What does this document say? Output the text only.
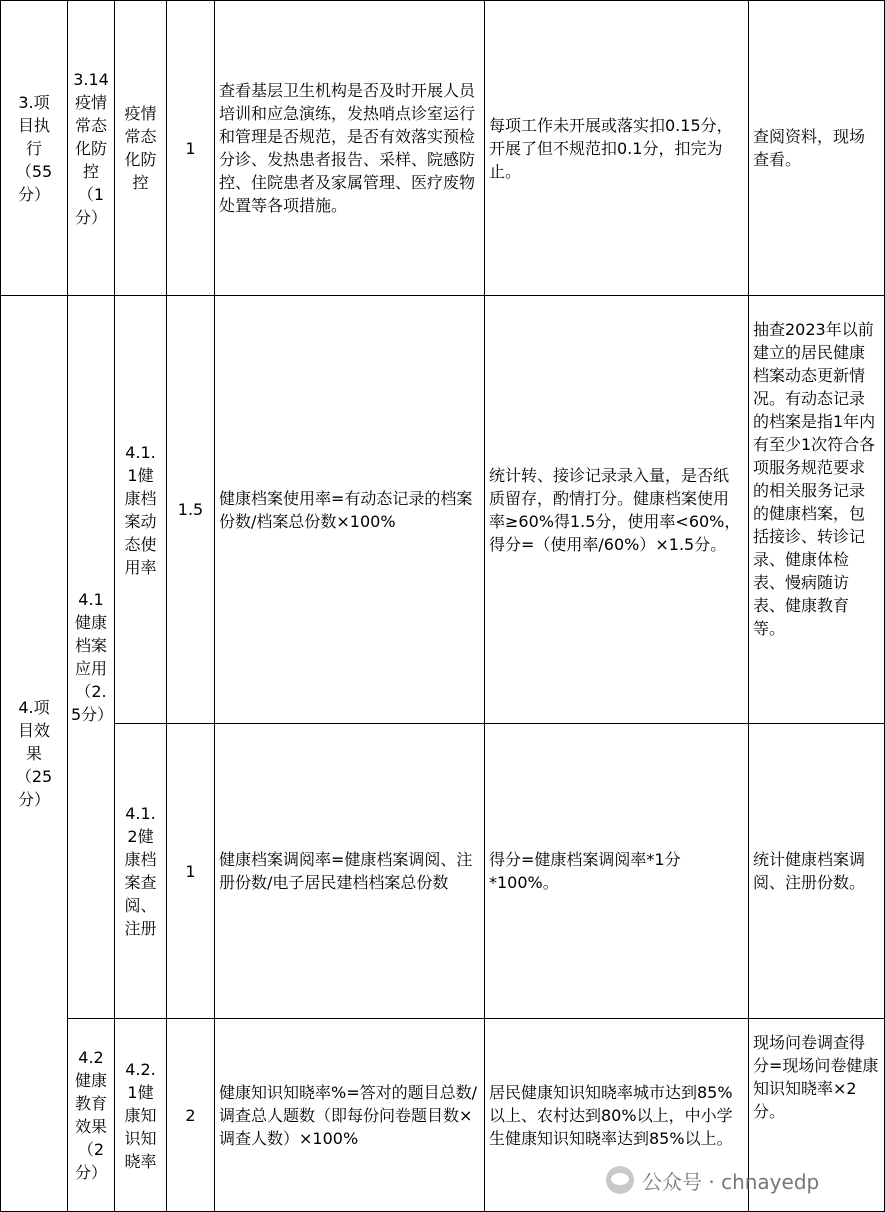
3.项目执行（55分）
3.14疫情常态化防控（1分）
疫情常态化防控
1
查看基层卫生机构是否及时开展人员培训和应急演练，发热哨点诊室运行和管理是否规范，是否有效落实预检分诊、发热患者报告、采样、院感防控、住院患者及家属管理、医疗废物处置等各项措施。
每项工作未开展或落实扣0.15分，开展了但不规范扣0.1分，扣完为止。
查阅资料，现场查看。
4.项目效果（25分）
4.1健康档案应用（2.5分）
4.1.1健康档案动态使用率
1.5
健康档案使用率=有动态记录的档案份数/档案总份数×100%
统计转、接诊记录录入量，是否纸质留存，酌情打分。健康档案使用率≥60%得1.5分，使用率<60%，得分=（使用率/60%）×1.5分。
抽查2023年以前建立的居民健康档案动态更新情况。有动态记录的档案是指1年内有至少1次符合各项服务规范要求的相关服务记录的健康档案，包括接诊、转诊记录、健康体检表、慢病随访表、健康教育等。
4.1.2健康档案查阅、注册
1
健康档案调阅率=健康档案调阅、注册份数/电子居民建档档案总份数
得分=健康档案调阅率*1分*100%。
统计健康档案调阅、注册份数。
4.2健康教育效果（2分）
4.2.1健康知识知晓率
2
健康知识知晓率%=答对的题目总数/调查总人题数（即每份问卷题目数×调查人数）×100%
居民健康知识知晓率城市达到85%以上、农村达到80%以上，中小学生健康知识知晓率达到85%以上。
现场问卷调查得分=现场问卷健康知识知晓率×2分。
公众号 · chnayedp
